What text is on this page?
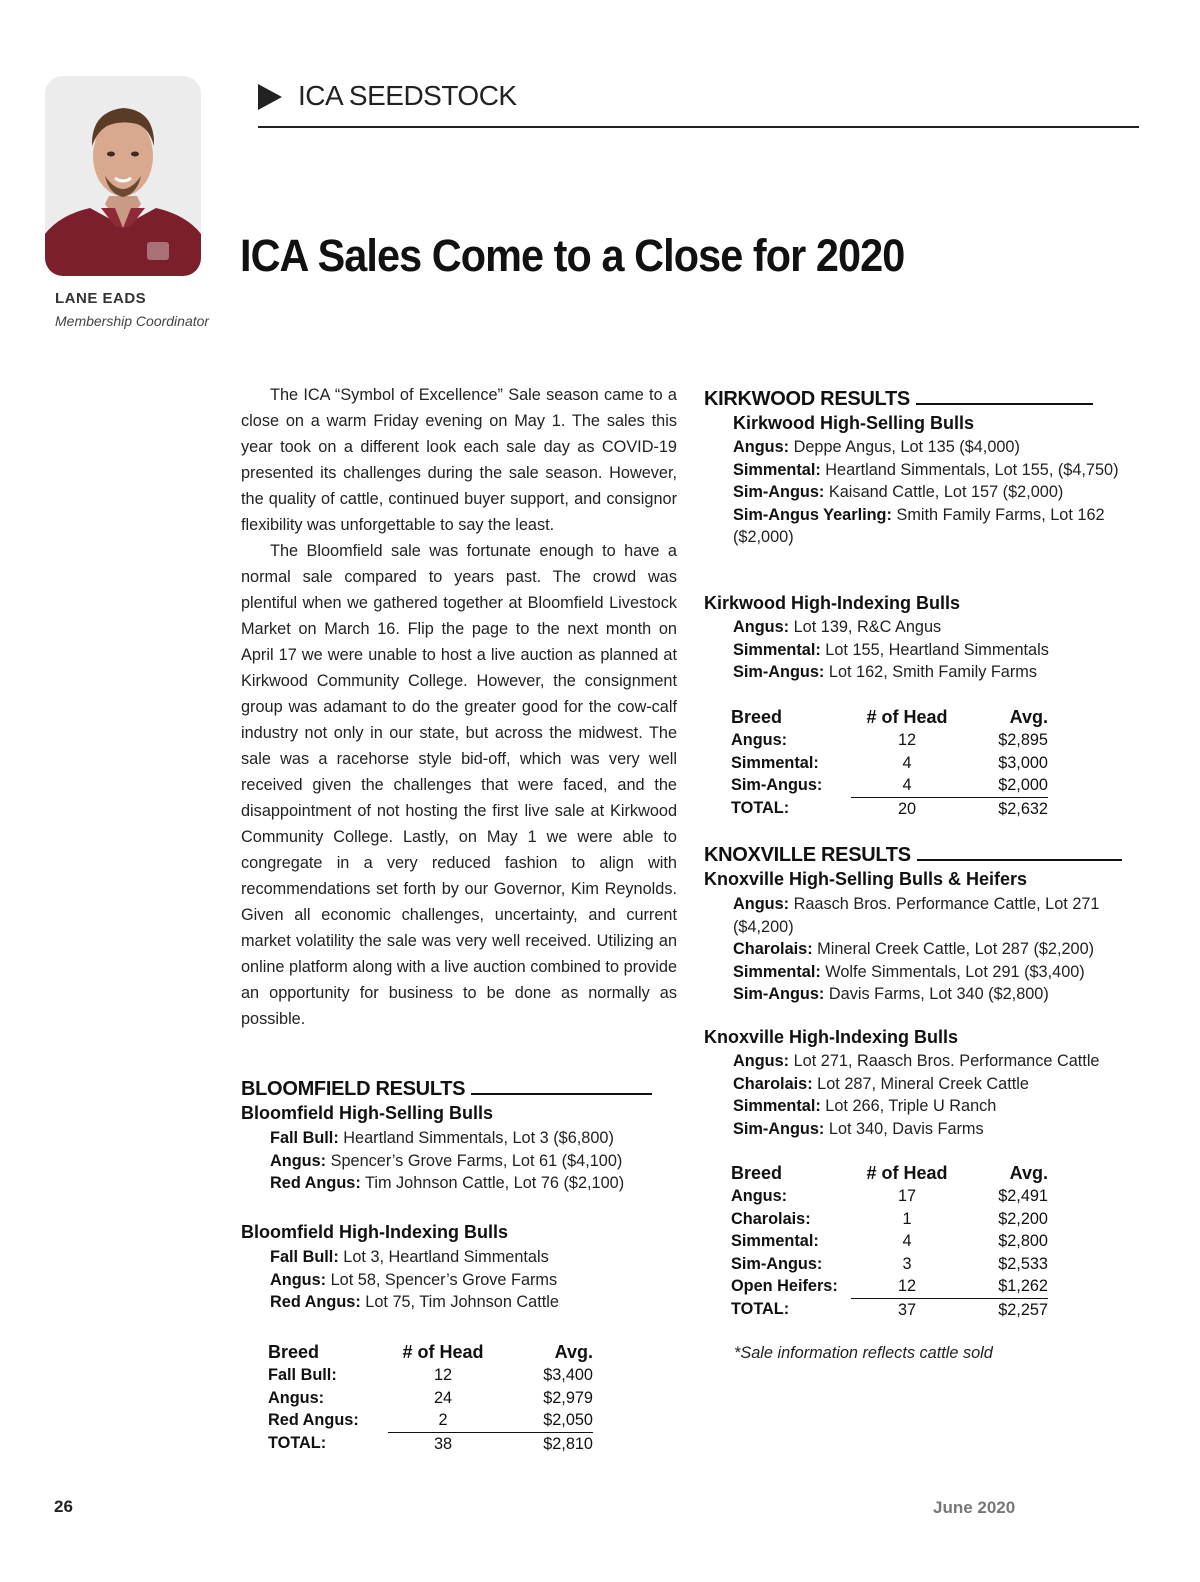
LANE EADS
Membership Coordinator
ICA SEEDSTOCK
ICA Sales Come to a Close for 2020

The ICA “Symbol of Excellence” Sale season came to a close on a warm Friday evening on May 1. The sales this year took on a different look each sale day as COVID-19 presented its challenges during the sale season. However, the quality of cattle, continued buyer support, and consignor flexibility was unforgettable to say the least.

The Bloomfield sale was fortunate enough to have a normal sale compared to years past. The crowd was plentiful when we gathered together at Bloomfield Livestock Market on March 16. Flip the page to the next month on April 17 we were unable to host a live auction as planned at Kirkwood Community College. However, the consignment group was adamant to do the greater good for the cow-calf industry not only in our state, but across the midwest. The sale was a racehorse style bid-off, which was very well received given the challenges that were faced, and the disappointment of not hosting the first live sale at Kirkwood Community College. Lastly, on May 1 we were able to congregate in a very reduced fashion to align with recommendations set forth by our Governor, Kim Reynolds. Given all economic challenges, uncertainty, and current market volatility the sale was very well received. Utilizing an online platform along with a live auction combined to provide an opportunity for business to be done as normally as possible.

BLOOMFIELD RESULTS
Bloomfield High-Selling Bulls
Fall Bull: Heartland Simmentals, Lot 3 ($6,800)
Angus: Spencer’s Grove Farms, Lot 61 ($4,100)
Red Angus: Tim Johnson Cattle, Lot 76 ($2,100)
Bloomfield High-Indexing Bulls
Fall Bull: Lot 3, Heartland Simmentals
Angus: Lot 58, Spencer’s Grove Farms
Red Angus: Lot 75, Tim Johnson Cattle
Breed	# of Head	Avg.
Fall Bull:	12	$3,400
Angus:	24	$2,979
Red Angus:	2	$2,050
TOTAL:	38	$2,810
KIRKWOOD RESULTS
Kirkwood High-Selling Bulls
Angus: Deppe Angus, Lot 135 ($4,000)
Simmental: Heartland Simmentals, Lot 155, ($4,750)
Sim-Angus: Kaisand Cattle, Lot 157 ($2,000)
Sim-Angus Yearling: Smith Family Farms, Lot 162 ($2,000)
Kirkwood High-Indexing Bulls
Angus: Lot 139, R&C Angus
Simmental: Lot 155, Heartland Simmentals
Sim-Angus: Lot 162, Smith Family Farms
Breed	# of Head	Avg.
Angus:	12	$2,895
Simmental:	4	$3,000
Sim-Angus:	4	$2,000
TOTAL:	20	$2,632
KNOXVILLE RESULTS
Knoxville High-Selling Bulls & Heifers
Angus: Raasch Bros. Performance Cattle, Lot 271 ($4,200)
Charolais: Mineral Creek Cattle, Lot 287 ($2,200)
Simmental: Wolfe Simmentals, Lot 291 ($3,400)
Sim-Angus: Davis Farms, Lot 340 ($2,800)
Knoxville High-Indexing Bulls
Angus: Lot 271, Raasch Bros. Performance Cattle
Charolais: Lot 287, Mineral Creek Cattle
Simmental: Lot 266, Triple U Ranch
Sim-Angus: Lot 340, Davis Farms
Breed	# of Head	Avg.
Angus:	17	$2,491
Charolais:	1	$2,200
Simmental:	4	$2,800
Sim-Angus:	3	$2,533
Open Heifers:	12	$1,262
TOTAL:	37	$2,257
*Sale information reflects cattle sold
26	June 2020
